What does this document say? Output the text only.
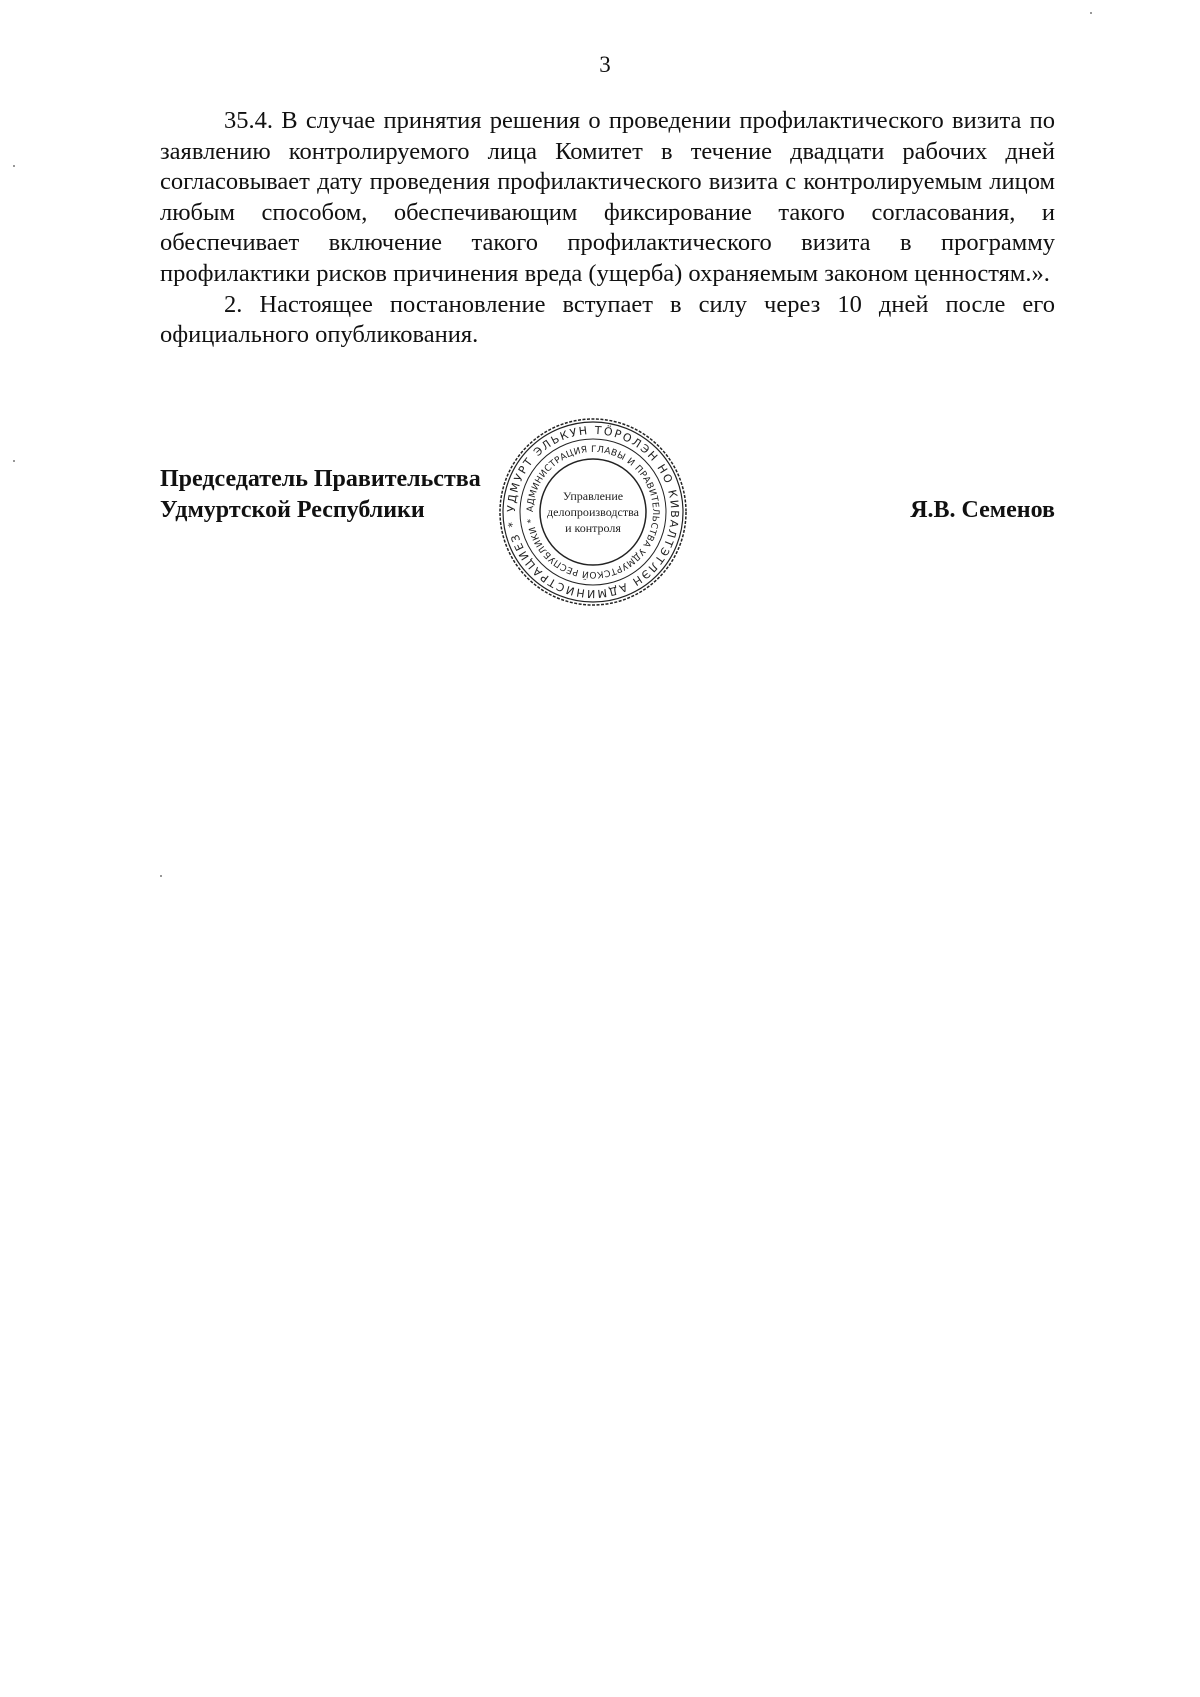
3

35.4. В случае принятия решения о проведении профилактического визита по заявлению контролируемого лица Комитет в течение двадцати рабочих дней согласовывает дату проведения профилактического визита с контролируемым лицом любым способом, обеспечивающим фиксирование такого согласования, и обеспечивает включение такого профилактического визита в программу профилактики рисков причинения вреда (ущерба) охраняемым законом ценностям.».

2. Настоящее постановление вступает в силу через 10 дней после его официального опубликования.

Председатель Правительства
Удмуртской Республики	Я.В. Семенов
УДМУРТ ЭЛЬКУН ТӦРОЛЭН НО КИВАЛТЭТЛЭН АДМИНИСТРАЦИЕЗ *
АДМИНИСТРАЦИЯ ГЛАВЫ И ПРАВИТЕЛЬСТВА УДМУРТСКОЙ РЕСПУБЛИКИ *
Управление
делопроизводства
и контроля
